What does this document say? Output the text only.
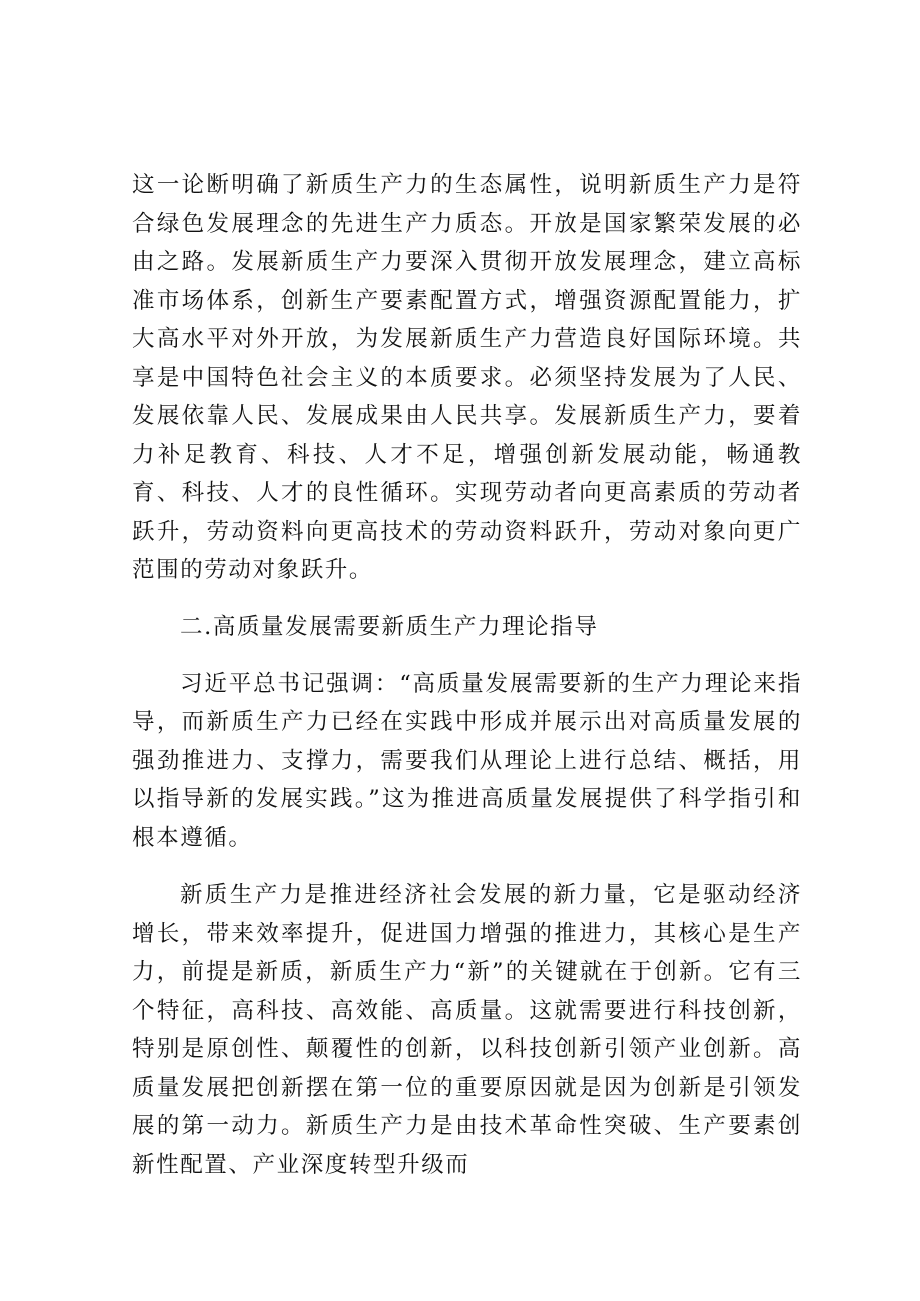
这一论断明确了新质生产力的生态属性，说明新质生产力是符合绿色发展理念的先进生产力质态。开放是国家繁荣发展的必由之路。发展新质生产力要深入贯彻开放发展理念，建立高标准市场体系，创新生产要素配置方式，增强资源配置能力，扩大高水平对外开放，为发展新质生产力营造良好国际环境。共享是中国特色社会主义的本质要求。必须坚持发展为了人民、发展依靠人民、发展成果由人民共享。发展新质生产力，要着力补足教育、科技、人才不足，增强创新发展动能，畅通教育、科技、人才的良性循环。实现劳动者向更高素质的劳动者跃升，劳动资料向更高技术的劳动资料跃升，劳动对象向更广范围的劳动对象跃升。

二.高质量发展需要新质生产力理论指导

习近平总书记强调：“高质量发展需要新的生产力理论来指导，而新质生产力已经在实践中形成并展示出对高质量发展的强劲推进力、支撑力，需要我们从理论上进行总结、概括，用以指导新的发展实践。”这为推进高质量发展提供了科学指引和根本遵循。

新质生产力是推进经济社会发展的新力量，它是驱动经济增长，带来效率提升，促进国力增强的推进力，其核心是生产力，前提是新质，新质生产力“新”的关键就在于创新。它有三个特征，高科技、高效能、高质量。这就需要进行科技创新，特别是原创性、颠覆性的创新，以科技创新引领产业创新。高质量发展把创新摆在第一位的重要原因就是因为创新是引领发展的第一动力。新质生产力是由技术革命性突破、生产要素创新性配置、产业深度转型升级而
